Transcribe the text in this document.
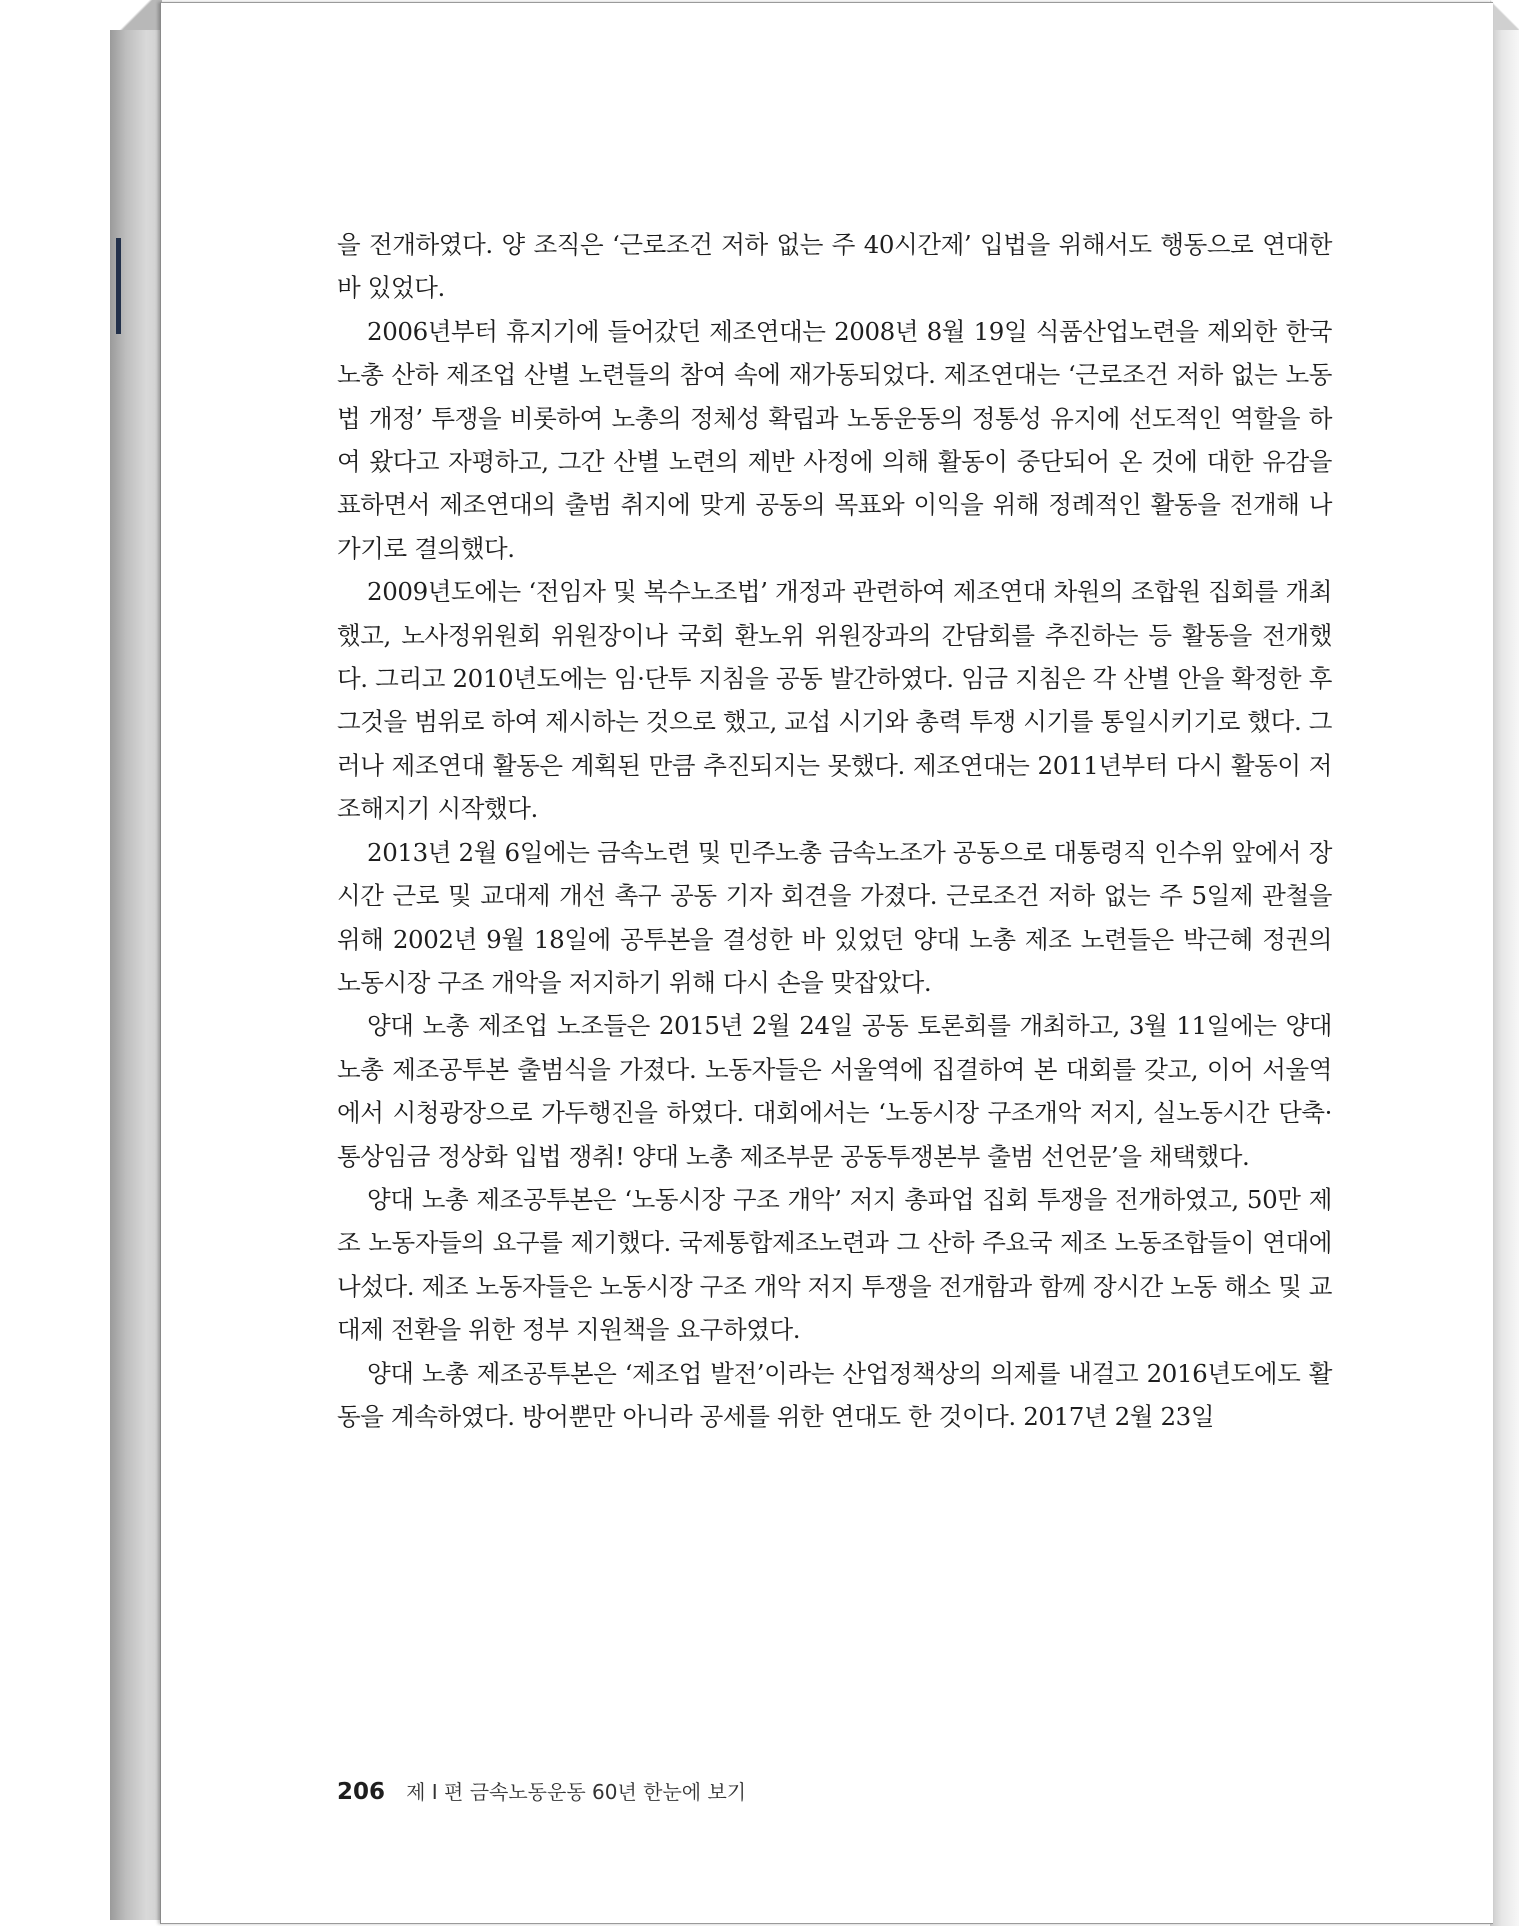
을 전개하였다. 양 조직은 ‘근로조건 저하 없는 주 40시간제’ 입법을 위해서도 행동으로 연대한 바 있었다.

2006년부터 휴지기에 들어갔던 제조연대는 2008년 8월 19일 식품산업노련을 제외한 한국노총 산하 제조업 산별 노련들의 참여 속에 재가동되었다. 제조연대는 ‘근로조건 저하 없는 노동법 개정’ 투쟁을 비롯하여 노총의 정체성 확립과 노동운동의 정통성 유지에 선도적인 역할을 하여 왔다고 자평하고, 그간 산별 노련의 제반 사정에 의해 활동이 중단되어 온 것에 대한 유감을 표하면서 제조연대의 출범 취지에 맞게 공동의 목표와 이익을 위해 정례적인 활동을 전개해 나가기로 결의했다.

2009년도에는 ‘전임자 및 복수노조법’ 개정과 관련하여 제조연대 차원의 조합원 집회를 개최했고, 노사정위원회 위원장이나 국회 환노위 위원장과의 간담회를 추진하는 등 활동을 전개했다. 그리고 2010년도에는 임·단투 지침을 공동 발간하였다. 임금 지침은 각 산별 안을 확정한 후 그것을 범위로 하여 제시하는 것으로 했고, 교섭 시기와 총력 투쟁 시기를 통일시키기로 했다. 그러나 제조연대 활동은 계획된 만큼 추진되지는 못했다. 제조연대는 2011년부터 다시 활동이 저조해지기 시작했다.

2013년 2월 6일에는 금속노련 및 민주노총 금속노조가 공동으로 대통령직 인수위 앞에서 장시간 근로 및 교대제 개선 촉구 공동 기자 회견을 가졌다. 근로조건 저하 없는 주 5일제 관철을 위해 2002년 9월 18일에 공투본을 결성한 바 있었던 양대 노총 제조 노련들은 박근혜 정권의 노동시장 구조 개악을 저지하기 위해 다시 손을 맞잡았다.

양대 노총 제조업 노조들은 2015년 2월 24일 공동 토론회를 개최하고, 3월 11일에는 양대 노총 제조공투본 출범식을 가졌다. 노동자들은 서울역에 집결하여 본 대회를 갖고, 이어 서울역에서 시청광장으로 가두행진을 하였다. 대회에서는 ‘노동시장 구조개악 저지, 실노동시간 단축·통상임금 정상화 입법 쟁취! 양대 노총 제조부문 공동투쟁본부 출범 선언문’을 채택했다.

양대 노총 제조공투본은 ‘노동시장 구조 개악’ 저지 총파업 집회 투쟁을 전개하였고, 50만 제조 노동자들의 요구를 제기했다. 국제통합제조노련과 그 산하 주요국 제조 노동조합들이 연대에 나섰다. 제조 노동자들은 노동시장 구조 개악 저지 투쟁을 전개함과 함께 장시간 노동 해소 및 교대제 전환을 위한 정부 지원책을 요구하였다.

양대 노총 제조공투본은 ‘제조업 발전’이라는 산업정책상의 의제를 내걸고 2016년도에도 활동을 계속하였다. 방어뿐만 아니라 공세를 위한 연대도 한 것이다. 2017년 2월 23일

206 제 I 편 금속노동운동 60년 한눈에 보기
